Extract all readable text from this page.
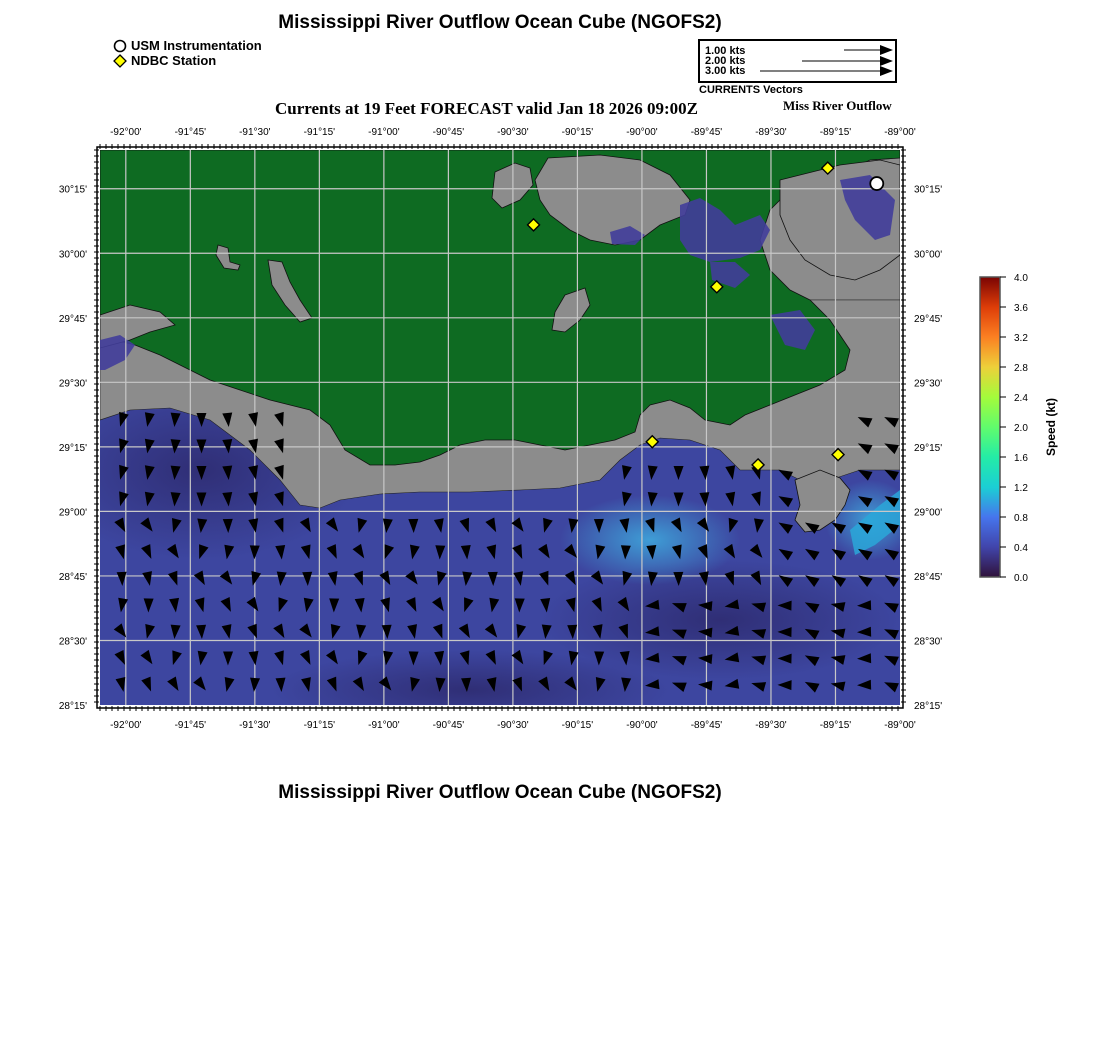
Mississippi River Outflow Ocean Cube (NGOFS2)
USM Instrumentation
NDBC Station
1.00 kts
2.00 kts
3.00 kts
CURRENTS Vectors
Currents at 19 Feet FORECAST valid Jan 18 2026 09:00Z	Miss River Outflow
-92°00'
-92°00'
-91°45'
-91°45'
-91°30'
-91°30'
-91°15'
-91°15'
-91°00'
-91°00'
-90°45'
-90°45'
-90°30'
-90°30'
-90°15'
-90°15'
-90°00'
-90°00'
-89°45'
-89°45'
-89°30'
-89°30'
-89°15'
-89°15'
-89°00'
-89°00'
30°15'	30°15'
30°00'	30°00'
29°45'	29°45'
29°30'	29°30'
29°15'	29°15'
29°00'	29°00'
28°45'	28°45'
28°30'	28°30'
28°15'	28°15'
4.0
3.6
3.2
2.8
2.4
2.0
1.6
1.2
0.8
0.4
0.0
Speed (kt)
Mississippi River Outflow Ocean Cube (NGOFS2)
